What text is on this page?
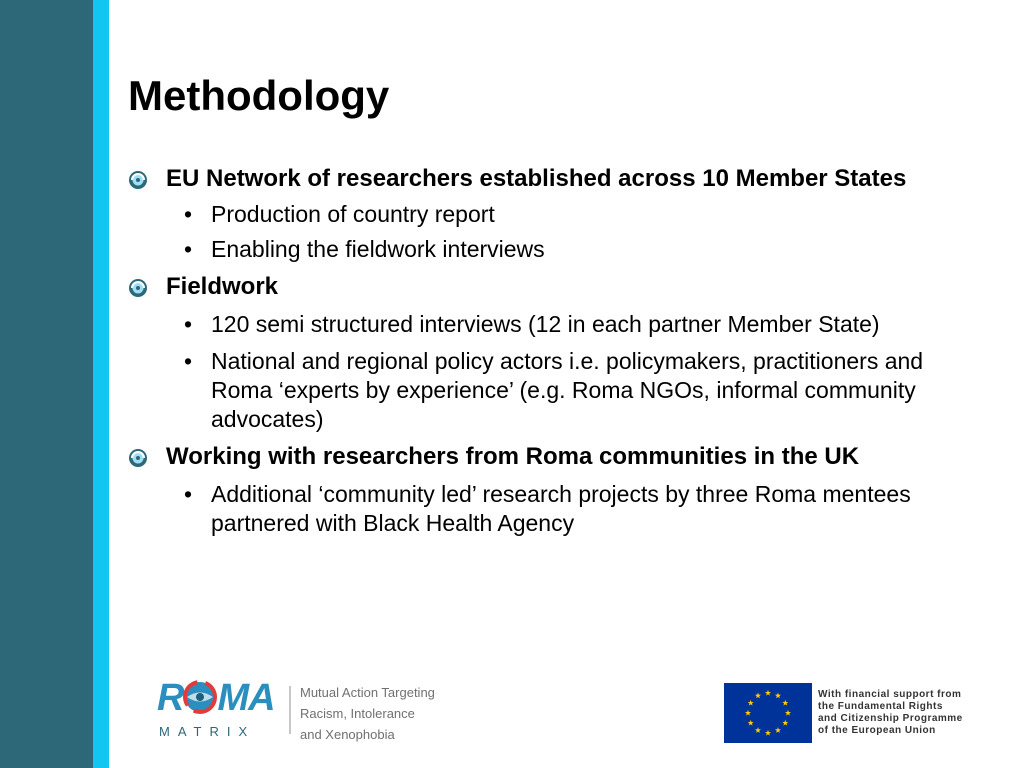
Methodology
EU Network of researchers established across 10 Member States
• Production of country report
• Enabling the fieldwork interviews
Fieldwork
• 120 semi structured interviews (12 in each partner Member State)
• National and regional policy actors i.e. policymakers, practitioners and Roma ‘experts by experience’ (e.g. Roma NGOs, informal community advocates)
Working with researchers from Roma communities in the UK
• Additional ‘community led’ research projects by three Roma mentees partnered with Black Health Agency
R MA
MATRIX
Mutual Action Targeting
Racism, Intolerance
and Xenophobia
With financial support from
the Fundamental Rights
and Citizenship Programme
of the European Union
